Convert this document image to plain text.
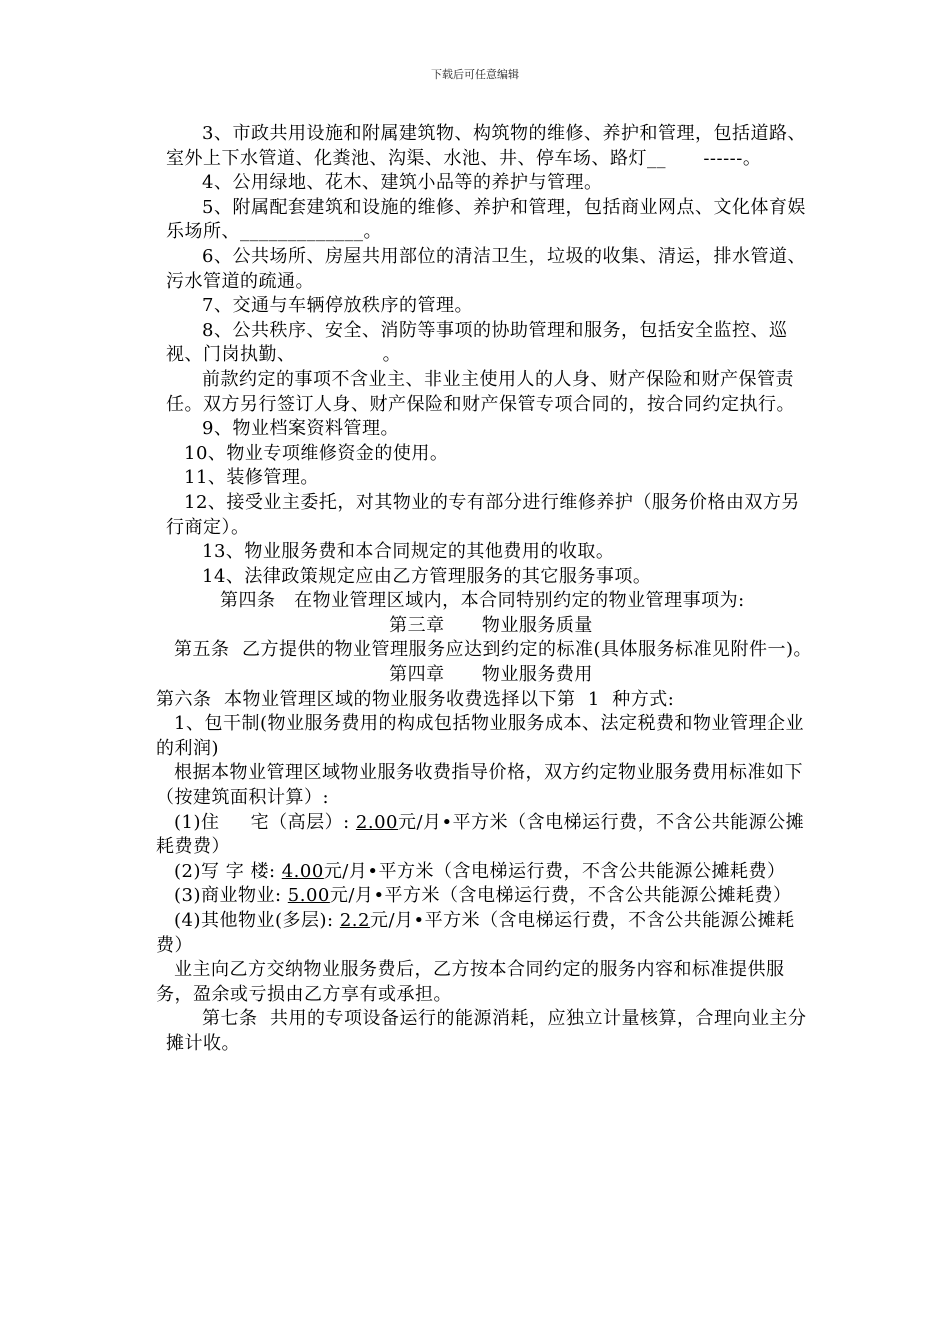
下载后可任意编辑

3、市政共用设施和附属建筑物、构筑物的维修、养护和管理，包括道路、室外上下水管道、化粪池、沟渠、水池、井、停车场、路灯__      ------。

4、公用绿地、花木、建筑小品等的养护与管理。

5、附属配套建筑和设施的维修、养护和管理，包括商业网点、文化体育娱乐场所、_____________。

6、公共场所、房屋共用部位的清洁卫生，垃圾的收集、清运，排水管道、污水管道的疏通。

7、交通与车辆停放秩序的管理。

8、公共秩序、安全、消防等事项的协助管理和服务，包括安全监控、巡视、门岗执勤、              。

前款约定的事项不含业主、非业主使用人的人身、财产保险和财产保管责任。双方另行签订人身、财产保险和财产保管专项合同的，按合同约定执行。

9、物业档案资料管理。

10、物业专项维修资金的使用。

11、装修管理。

12、接受业主委托，对其物业的专有部分进行维修养护（服务价格由双方另行商定）。

13、物业服务费和本合同规定的其他费用的收取。

14、法律政策规定应由乙方管理服务的其它服务事项。

第四条   在物业管理区域内，本合同特别约定的物业管理事项为:

第三章      物业服务质量

第五条  乙方提供的物业管理服务应达到约定的标准(具体服务标准见附件一)。

第四章      物业服务费用

第六条  本物业管理区域的物业服务收费选择以下第  1  种方式:

1、包干制(物业服务费用的构成包括物业服务成本、法定税费和物业管理企业的利润)

根据本物业管理区域物业服务收费指导价格，双方约定物业服务费用标准如下（按建筑面积计算）:

(1)住     宅（高层）: 2.00元/月•平方米（含电梯运行费，不含公共能源公摊耗费费）

(2)写 字 楼: 4.00元/月•平方米（含电梯运行费，不含公共能源公摊耗费）

(3)商业物业: 5.00元/月•平方米（含电梯运行费，不含公共能源公摊耗费）

(4)其他物业(多层): 2.2元/月•平方米（含电梯运行费，不含公共能源公摊耗费）

业主向乙方交纳物业服务费后，乙方按本合同约定的服务内容和标准提供服务，盈余或亏损由乙方享有或承担。

第七条  共用的专项设备运行的能源消耗，应独立计量核算，合理向业主分摊计收。
